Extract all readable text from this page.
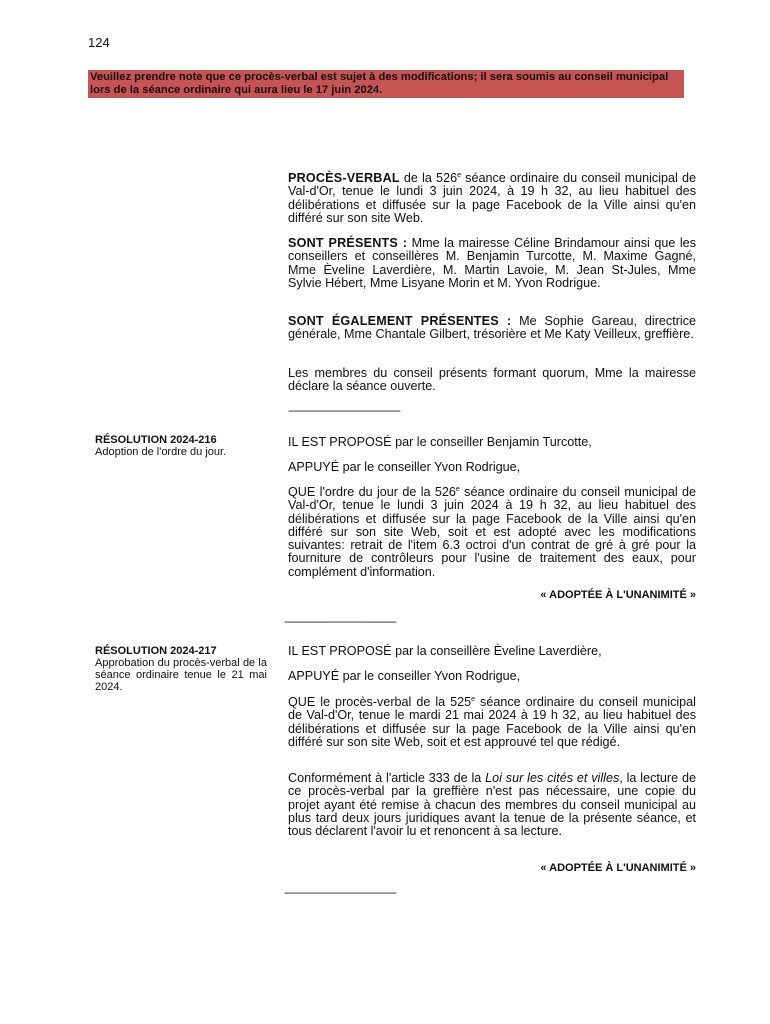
124
Veuillez prendre note que ce procès-verbal est sujet à des modifications; il sera soumis au conseil municipal lors de la séance ordinaire qui aura lieu le 17 juin 2024.

PROCÈS-VERBAL de la 526e séance ordinaire du conseil municipal de Val-d'Or, tenue le lundi 3 juin 2024, à 19 h 32, au lieu habituel des délibérations et diffusée sur la page Facebook de la Ville ainsi qu'en différé sur son site Web.

SONT PRÉSENTS : Mme la mairesse Céline Brindamour ainsi que les conseillers et conseillères M. Benjamin Turcotte, M. Maxime Gagné, Mme Èveline Laverdière, M. Martin Lavoie, M. Jean St-Jules, Mme Sylvie Hébert, Mme Lisyane Morin et M. Yvon Rodrigue.

SONT ÉGALEMENT PRÉSENTES : Me Sophie Gareau, directrice générale, Mme Chantale Gilbert, trésorière et Me Katy Veilleux, greffière.

Les membres du conseil présents formant quorum, Mme la mairesse déclare la séance ouverte.

------------------------------------------
RÉSOLUTION 2024-216
Adoption de l'ordre du jour.

IL EST PROPOSÉ par le conseiller Benjamin Turcotte,

APPUYÉ par le conseiller Yvon Rodrigue,

QUE l'ordre du jour de la 526e séance ordinaire du conseil municipal de Val-d'Or, tenue le lundi 3 juin 2024 à 19 h 32, au lieu habituel des délibérations et diffusée sur la page Facebook de la Ville ainsi qu'en différé sur son site Web, soit et est adopté avec les modifications suivantes: retrait de l'item 6.3 octroi d'un contrat de gré à gré pour la fourniture de contrôleurs pour l'usine de traitement des eaux, pour complément d'information.

« ADOPTÉE À L'UNANIMITÉ »
------------------------------------------
RÉSOLUTION 2024-217
Approbation du procès-verbal de la séance ordinaire tenue le 21 mai 2024.

IL EST PROPOSÉ par la conseillère Èveline Laverdière,

APPUYÉ par le conseiller Yvon Rodrigue,

QUE le procès-verbal de la 525e séance ordinaire du conseil municipal de Val-d'Or, tenue le mardi 21 mai 2024 à 19 h 32, au lieu habituel des délibérations et diffusée sur la page Facebook de la Ville ainsi qu'en différé sur son site Web, soit et est approuvé tel que rédigé.

Conformément à l'article 333 de la Loi sur les cités et villes, la lecture de ce procès-verbal par la greffière n'est pas nécessaire, une copie du projet ayant été remise à chacun des membres du conseil municipal au plus tard deux jours juridiques avant la tenue de la présente séance, et tous déclarent l'avoir lu et renoncent à sa lecture.

« ADOPTÉE À L'UNANIMITÉ »
------------------------------------------
